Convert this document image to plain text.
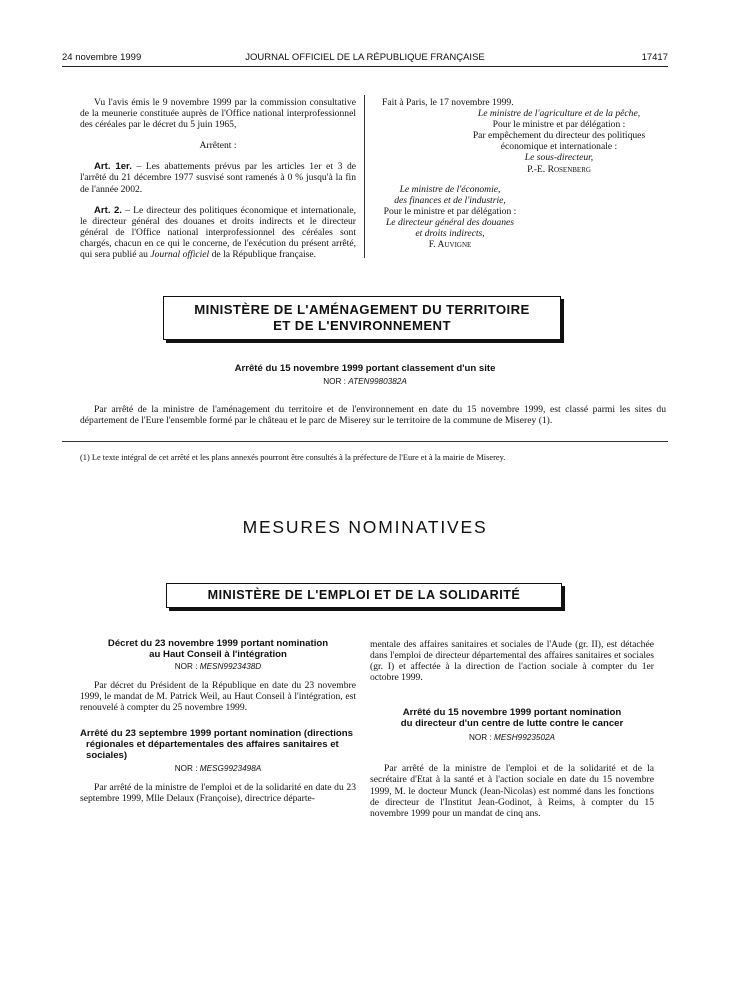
24 novembre 1999	JOURNAL OFFICIEL DE LA RÉPUBLIQUE FRANÇAISE	17417

Vu l'avis émis le 9 novembre 1999 par la commission consultative de la meunerie constituée auprès de l'Office national interprofessionnel des céréales par le décret du 5 juin 1965,

Arrêtent :

Art. 1er. – Les abattements prévus par les articles 1er et 3 de l'arrêté du 21 décembre 1977 susvisé sont ramenés à 0 % jusqu'à la fin de l'année 2002.

Art. 2. – Le directeur des politiques économique et internationale, le directeur général des douanes et droits indirects et le directeur général de l'Office national interprofessionnel des céréales sont chargés, chacun en ce qui le concerne, de l'exécution du présent arrêté, qui sera publié au Journal officiel de la République française.

Fait à Paris, le 17 novembre 1999.

Le ministre de l'agriculture et de la pêche,

Pour le ministre et par délégation :

Par empêchement du directeur des politiques économique et internationale :

Le sous-directeur,

P.-E. Rosenberg

Le ministre de l'économie,

des finances et de l'industrie,

Pour le ministre et par délégation :

Le directeur général des douanes

et droits indirects,

F. Auvigne

MINISTÈRE DE L'AMÉNAGEMENT DU TERRITOIRE
ET DE L'ENVIRONNEMENT
Arrêté du 15 novembre 1999 portant classement d'un site
NOR : ATEN9980382A
Par arrêté de la ministre de l'aménagement du territoire et de l'environnement en date du 15 novembre 1999, est classé parmi les sites du département de l'Eure l'ensemble formé par le château et le parc de Miserey sur le territoire de la commune de Miserey (1).
(1) Le texte intégral de cet arrêté et les plans annexés pourront être consultés à la préfecture de l'Eure et à la mairie de Miserey.
MESURES NOMINATIVES
MINISTÈRE DE L'EMPLOI ET DE LA SOLIDARITÉ
Décret du 23 novembre 1999 portant nomination
au Haut Conseil à l'intégration
NOR : MESN9923438D

Par décret du Président de la République en date du 23 novembre 1999, le mandat de M. Patrick Weil, au Haut Conseil à l'intégration, est renouvelé à compter du 25 novembre 1999.

Arrêté du 23 septembre 1999 portant nomination (directions régionales et départementales des affaires sanitaires et sociales)
NOR : MESG9923498A

Par arrêté de la ministre de l'emploi et de la solidarité en date du 23 septembre 1999, Mlle Delaux (Françoise), directrice départe-

mentale des affaires sanitaires et sociales de l'Aude (gr. II), est détachée dans l'emploi de directeur départemental des affaires sanitaires et sociales (gr. I) et affectée à la direction de l'action sociale à compter du 1er octobre 1999.

Arrêté du 15 novembre 1999 portant nomination
du directeur d'un centre de lutte contre le cancer
NOR : MESH9923502A

Par arrêté de la ministre de l'emploi et de la solidarité et de la secrétaire d'Etat à la santé et à l'action sociale en date du 15 novembre 1999, M. le docteur Munck (Jean-Nicolas) est nommé dans les fonctions de directeur de l'Institut Jean-Godinot, à Reims, à compter du 15 novembre 1999 pour un mandat de cinq ans.
